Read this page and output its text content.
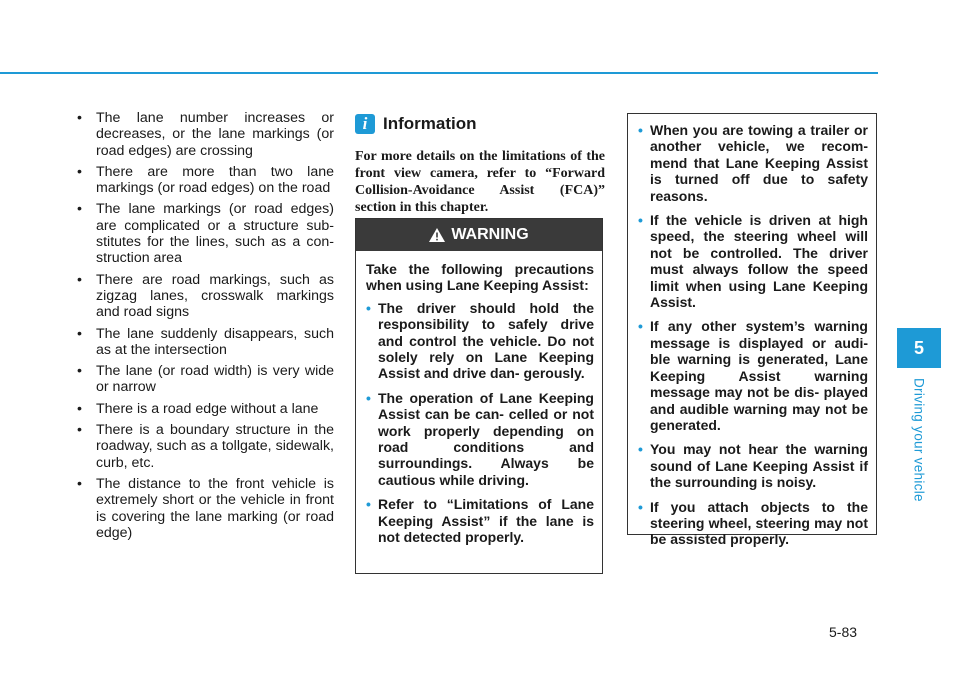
• The lane number increases or decreases, or the lane markings (or road edges) are crossing
• There are more than two lane markings (or road edges) on the road
• The lane markings (or road edges) are complicated or a structure sub- stitutes for the lines, such as a con- struction area
• There are road markings, such as zigzag lanes, crosswalk markings and road signs
• The lane suddenly disappears, such as at the intersection
• The lane (or road width) is very wide or narrow
• There is a road edge without a lane
• There is a boundary structure in the roadway, such as a tollgate, sidewalk, curb, etc.
• The distance to the front vehicle is extremely short or the vehicle in front is covering the lane marking (or road edge)
i Information
For more details on the limitations of the front view camera, refer to “Forward Collision-Avoidance Assist (FCA)” section in this chapter.
WARNING
Take the following precautions when using Lane Keeping Assist:
• The driver should hold the responsibility to safely drive and control the vehicle. Do not solely rely on Lane Keeping Assist and drive dan- gerously.
• The operation of Lane Keeping Assist can be can- celled or not work properly depending on road conditions and surroundings. Always be cautious while driving.
• Refer to “Limitations of Lane Keeping Assist” if the lane is not detected properly.
• When you are towing a trailer or another vehicle, we recom- mend that Lane Keeping Assist is turned off due to safety reasons.
• If the vehicle is driven at high speed, the steering wheel will not be controlled. The driver must always follow the speed limit when using Lane Keeping Assist.
• If any other system’s warning message is displayed or audi- ble warning is generated, Lane Keeping Assist warning message may not be dis- played and audible warning may not be generated.
• You may not hear the warning sound of Lane Keeping Assist if the surrounding is noisy.
• If you attach objects to the steering wheel, steering may not be assisted properly.
5
Driving your vehicle
5-83
